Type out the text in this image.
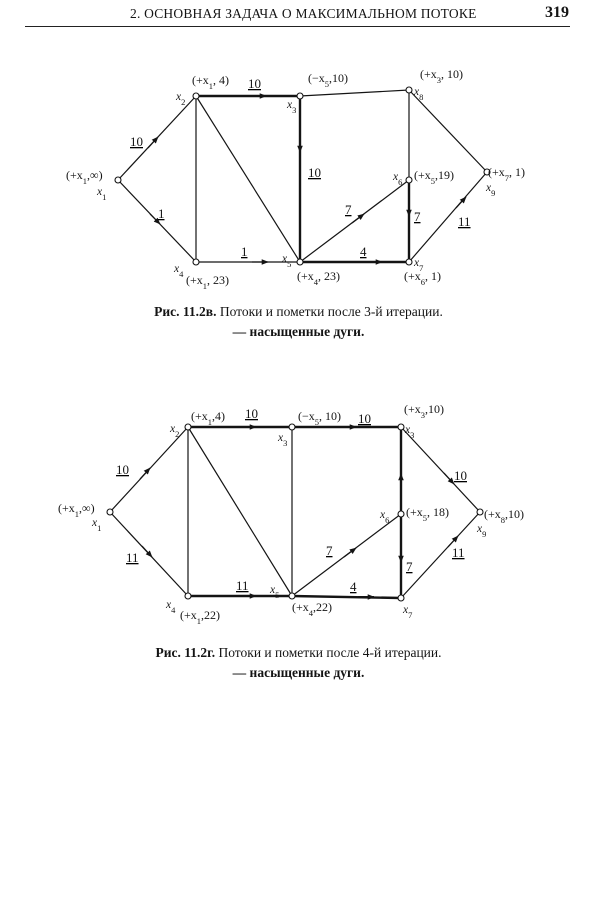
2. ОСНОВНАЯ ЗАДАЧА О МАКСИМАЛЬНОМ ПОТОКЕ	319
$x_1$
$x_2$	$x_3$
$x_4$
$x_5$
$x_6$
$x_7$
$x_8$
$x_9$
$(+x_1,\infty)$
($+x_1$, 4)	$(-x_5,10)$
($+x_1$, 23)	($+x_4$, 23)
$(+x_5,19)$
($+x_6$, 1)
($+x_3$, 10)
($+x_7$, 1)
10
1
10
10
1
7	7
4
11
Рис. 11.2в. Потоки и пометки после 3-й итерации.
— насыщенные дуги.
$x_1$
$x_2$	$x_3$
$x_4$
$x_5$
$x_6$
$x_7$
$x_3$
$x_9$
$(+x_1,\infty)$
$(+x_1,4)$	($-x_5$, 10)
$(+x_1,22)$
$(+x_4,22)$
($+x_5$, 18)
$(+x_3,10)$
$(+x_8,10)$
10
11
10	10
11
7
7
4
11
10
Рис. 11.2г. Потоки и пометки после 4-й итерации.
— насыщенные дуги.
